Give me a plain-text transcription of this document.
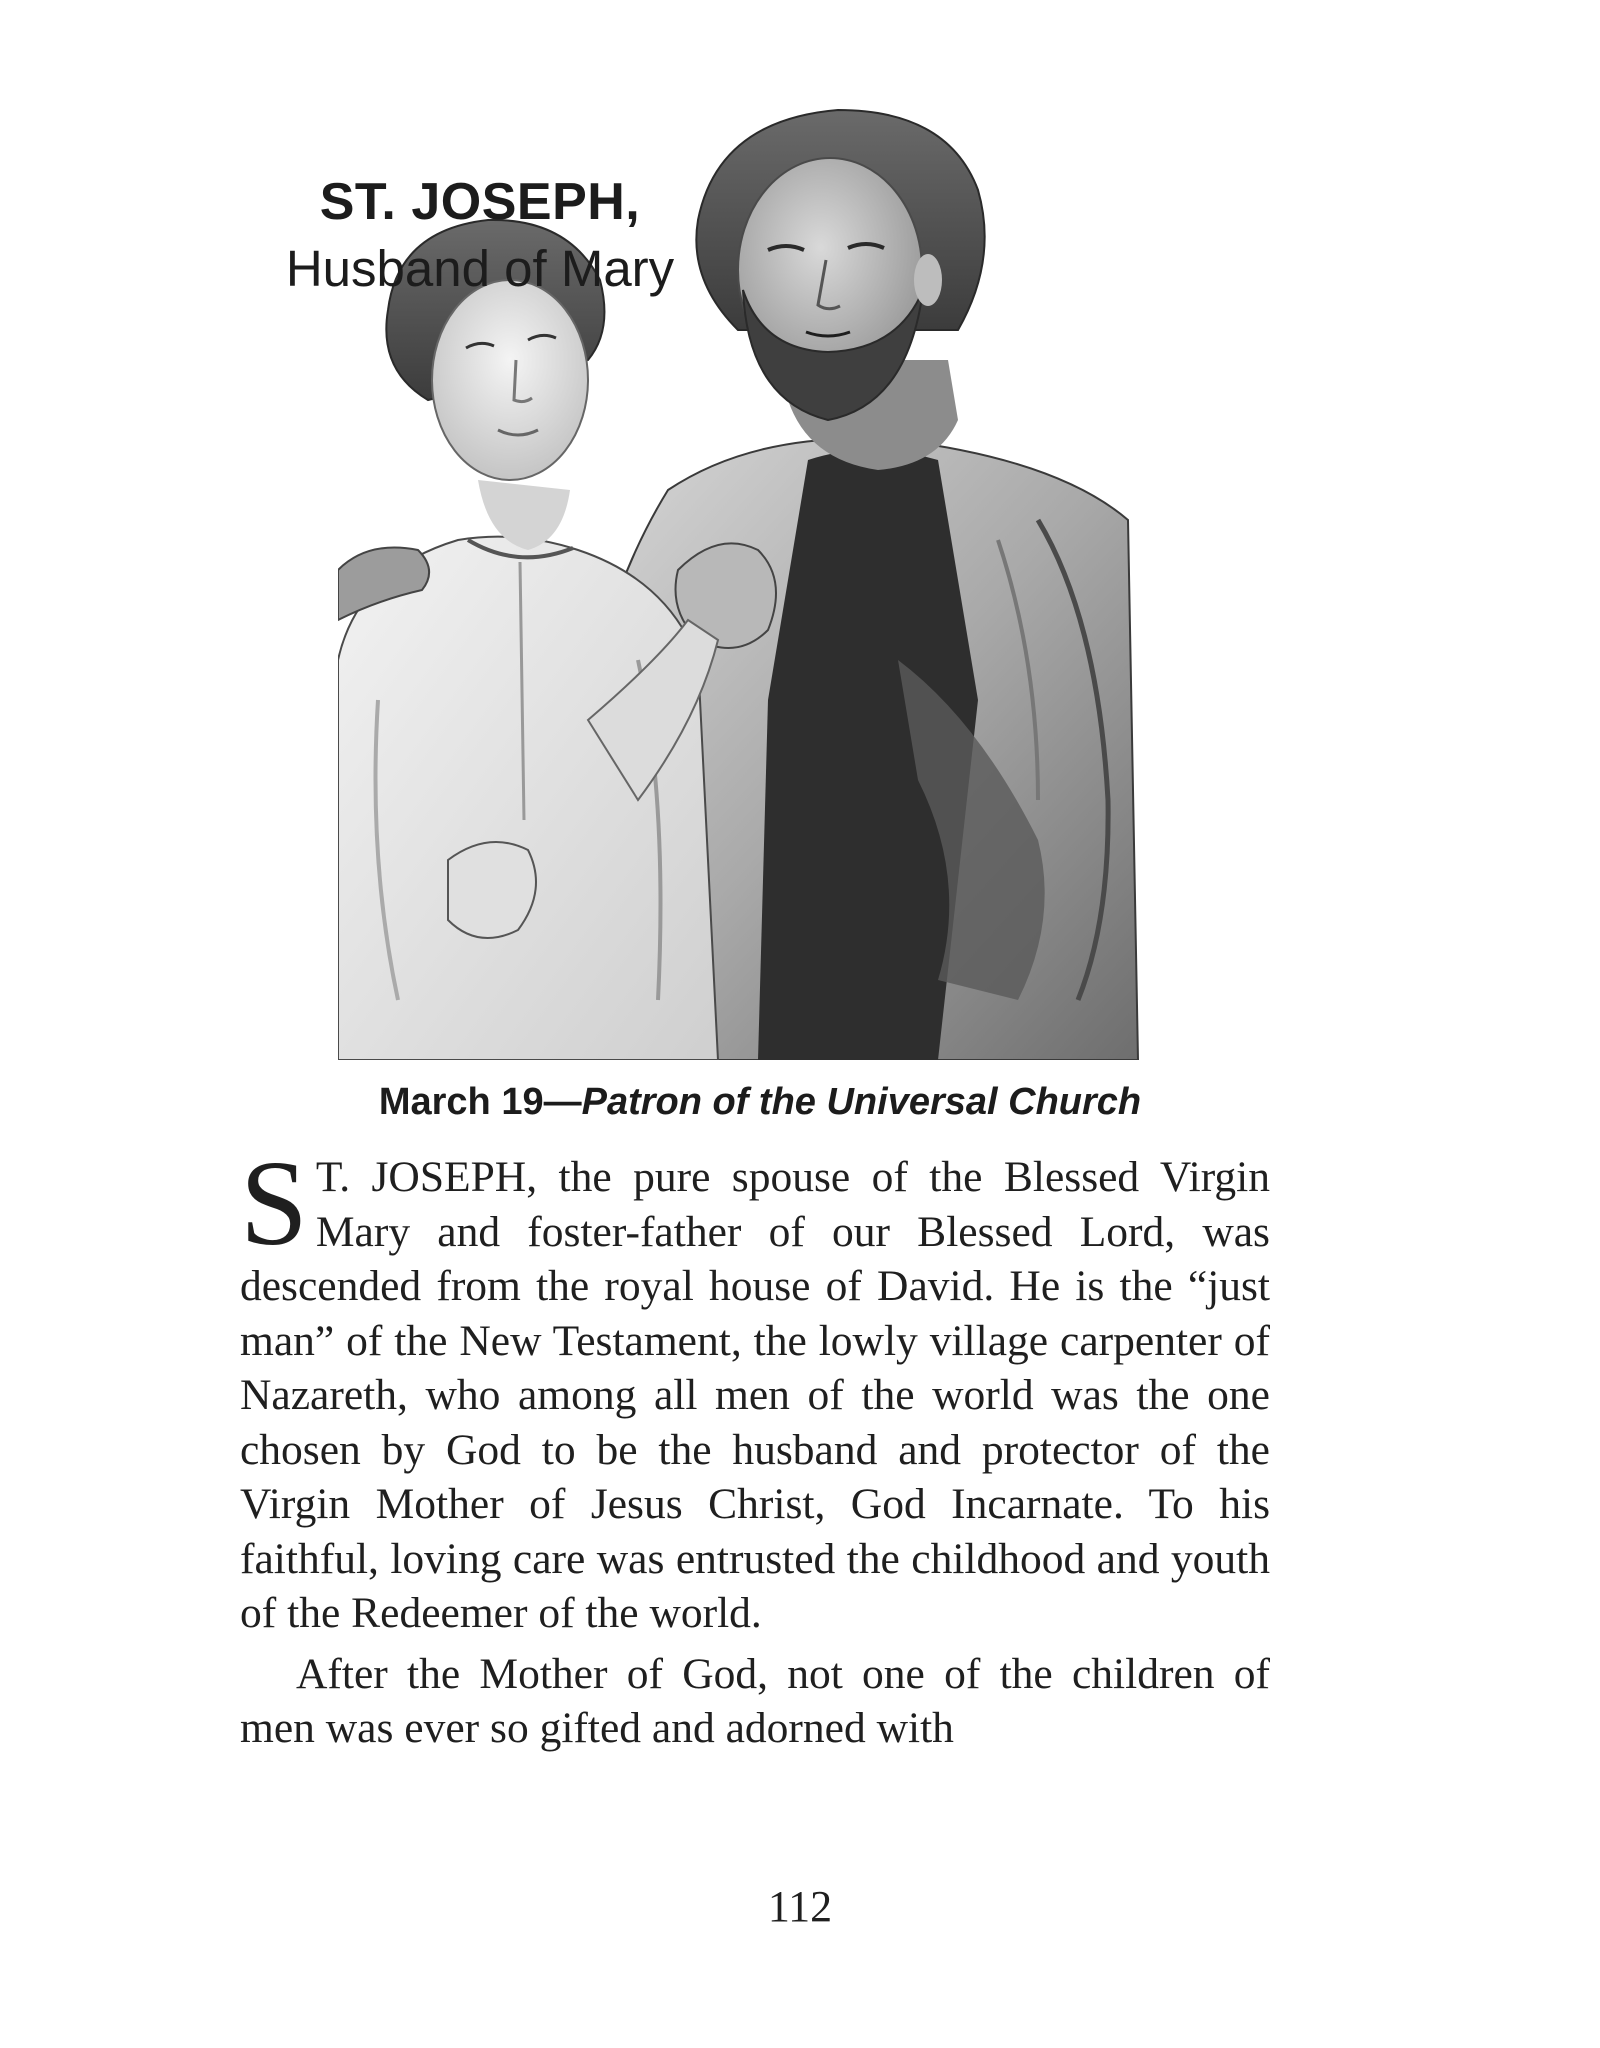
ST. JOSEPH,
Husband of Mary
March 19—Patron of the Universal Church

S T. JOSEPH, the pure spouse of the Blessed Virgin Mary and foster-father of our Blessed Lord, was descended from the royal house of David. He is the “just man” of the New Testament, the lowly village carpenter of Nazareth, who among all men of the world was the one chosen by God to be the husband and protector of the Virgin Mother of Jesus Christ, God Incarnate. To his faithful, loving care was entrusted the childhood and youth of the Redeemer of the world.

After the Mother of God, not one of the children of men was ever so gifted and adorned with

112
